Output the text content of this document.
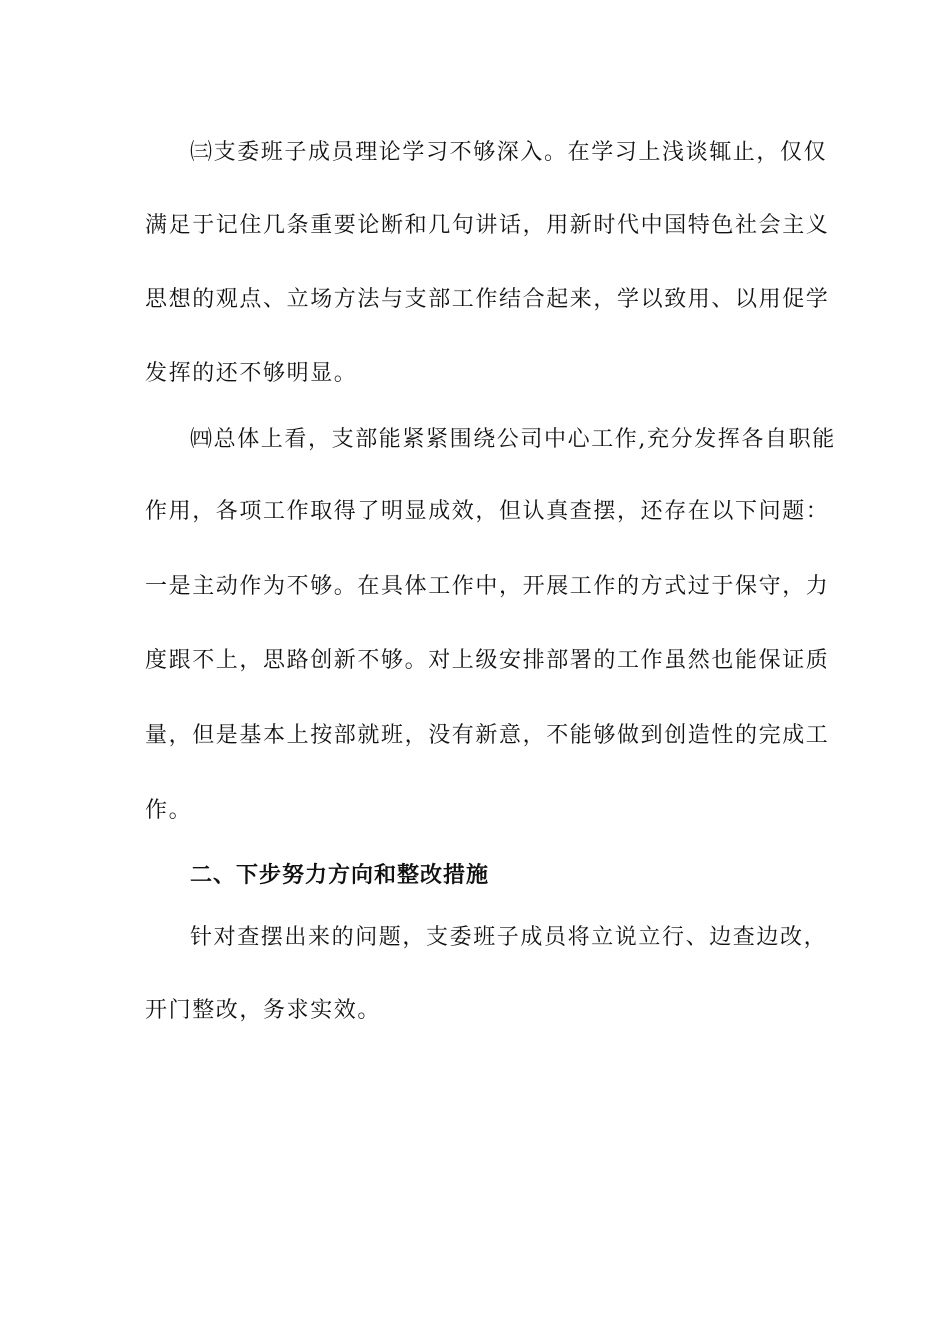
㈢支委班子成员理论学习不够深入。在学习上浅谈辄止，仅仅
满足于记住几条重要论断和几句讲话，用新时代中国特色社会主义
思想的观点、立场方法与支部工作结合起来，学以致用、以用促学
发挥的还不够明显。
㈣总体上看，支部能紧紧围绕公司中心工作,充分发挥各自职能
作用，各项工作取得了明显成效，但认真查摆，还存在以下问题：
一是主动作为不够。在具体工作中，开展工作的方式过于保守，力
度跟不上，思路创新不够。对上级安排部署的工作虽然也能保证质
量，但是基本上按部就班，没有新意，不能够做到创造性的完成工
作。
二、下步努力方向和整改措施
针对查摆出来的问题，支委班子成员将立说立行、边查边改，
开门整改，务求实效。
